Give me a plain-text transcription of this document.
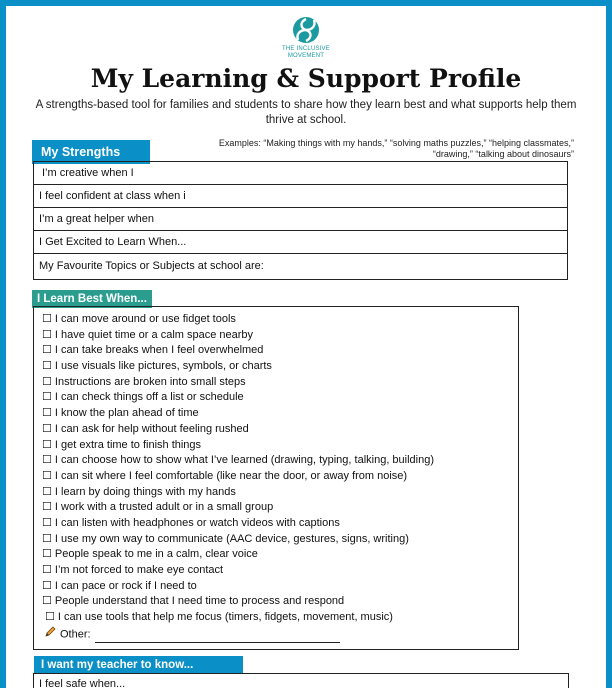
THE INCLUSIVE
MOVEMENT
My Learning & Support Profile
A strengths-based tool for families and students to share how they learn best and what supports help them thrive at school.
My Strengths
Examples: “Making things with my hands,” “solving maths puzzles,” “helping classmates,” “drawing,” “talking about dinosaurs”
I’m creative when I
I feel confident at class when i
I’m a great helper when
I Get Excited to Learn When...
My Favourite Topics or Subjects at school are:
I Learn Best When...
☐ I can move around or use fidget tools
☐ I have quiet time or a calm space nearby
☐ I can take breaks when I feel overwhelmed
☐ I use visuals like pictures, symbols, or charts
☐ Instructions are broken into small steps
☐ I can check things off a list or schedule
☐ I know the plan ahead of time
☐ I can ask for help without feeling rushed
☐ I get extra time to finish things
☐ I can choose how to show what I’ve learned (drawing, typing, talking, building)
☐ I can sit where I feel comfortable (like near the door, or away from noise)
☐ I learn by doing things with my hands
☐ I work with a trusted adult or in a small group
☐ I can listen with headphones or watch videos with captions
☐ I use my own way to communicate (AAC device, gestures, signs, writing)
☐ People speak to me in a calm, clear voice
☐ I’m not forced to make eye contact
☐ I can pace or rock if I need to
☐ People understand that I need time to process and respond
☐ I can use tools that help me focus (timers, fidgets, movement, music)
Other:
I want my teacher to know...
I feel safe when...
